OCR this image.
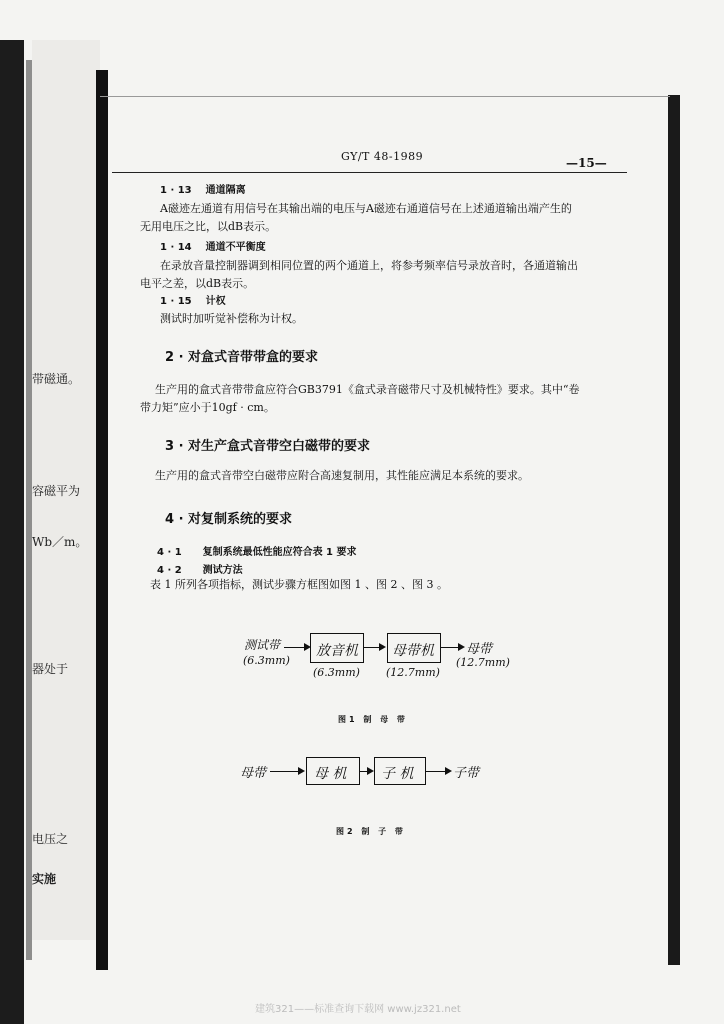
带磁通。
容磁平为
Wb／m。
器处于
电压之
实施
GY/T 48-1989	—15—
1 · 13 通道隔离
A磁迹左通道有用信号在其输出端的电压与A磁迹右通道信号在上述通道输出端产生的
无用电压之比，以dB表示。
1 · 14 通道不平衡度
在录放音量控制器调到相同位置的两个通道上，将参考频率信号录放音时，各通道输出
电平之差，以dB表示。
1 · 15 计权
测试时加听觉补偿称为计权。
2 · 对盒式音带带盒的要求
生产用的盒式音带带盒应符合GB3791《盒式录音磁带尺寸及机械特性》要求。其中“卷
带力矩”应小于10gf · cm。
3 · 对生产盒式音带空白磁带的要求
生产用的盒式音带空白磁带应附合高速复制用，其性能应满足本系统的要求。
4 · 对复制系统的要求
4 · 1 复制系统最低性能应符合表 1 要求
4 · 2 测试方法
表 1 所列各项指标，测试步骤方框图如图 1 、图 2 、图 3 。
测试带
(6.3mm)
放音机
(6.3mm)
母带机
(12.7mm)
母带
(12.7mm)
图1 制 母 带
母带	母 机 子 机	子带
图2 制 子 带
建筑321——标准查询下载网 www.jz321.net
